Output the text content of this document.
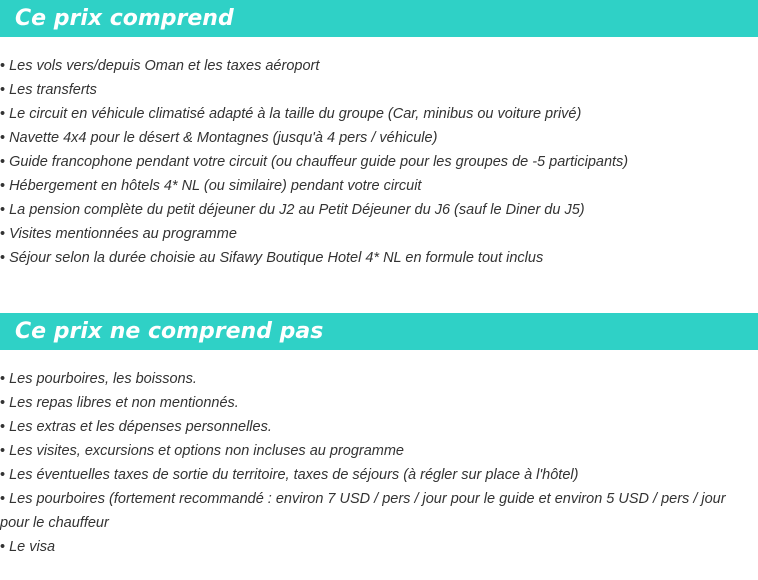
Ce prix comprend
• Les vols vers/depuis Oman et les taxes aéroport
• Les transferts
• Le circuit en véhicule climatisé adapté à la taille du groupe (Car, minibus ou voiture privé)
• Navette 4x4 pour le désert & Montagnes (jusqu'à 4 pers / véhicule)
• Guide francophone pendant votre circuit (ou chauffeur guide pour les groupes de -5 participants)
• Hébergement en hôtels 4* NL (ou similaire) pendant votre circuit
• La pension complète du petit déjeuner du J2 au Petit Déjeuner du J6 (sauf le Diner du J5)
• Visites mentionnées au programme
• Séjour selon la durée choisie au Sifawy Boutique Hotel 4* NL en formule tout inclus
Ce prix ne comprend pas
• Les pourboires, les boissons.
• Les repas libres et non mentionnés.
• Les extras et les dépenses personnelles.
• Les visites, excursions et options non incluses au programme
• Les éventuelles taxes de sortie du territoire, taxes de séjours (à régler sur place à l'hôtel)
• Les pourboires (fortement recommandé : environ 7 USD / pers / jour pour le guide et environ 5 USD / pers / jour pour le chauffeur
• Le visa
